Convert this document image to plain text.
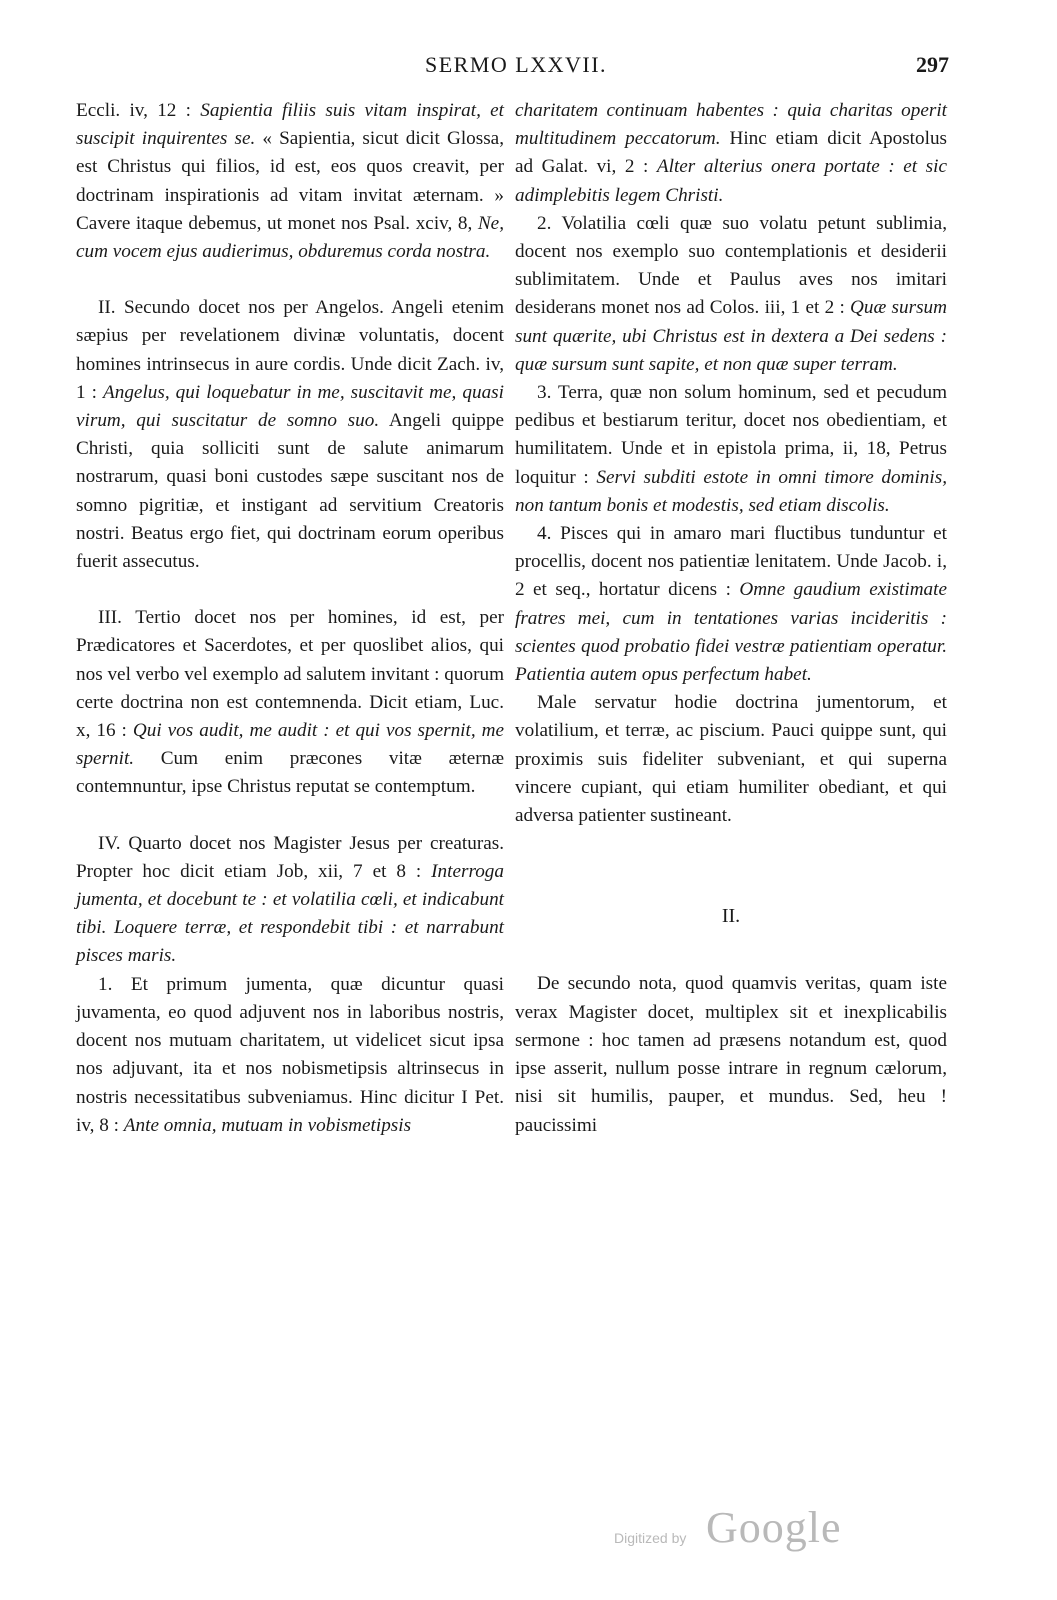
SERMO LXXVII.	297

Eccli. iv, 12 : Sapientia filiis suis vitam inspirat, et suscipit inquirentes se. « Sapientia, sicut dicit Glossa, est Christus qui filios, id est, eos quos creavit, per doctrinam inspirationis ad vitam invitat æternam. » Cavere itaque debemus, ut monet nos Psal. xciv, 8, Ne, cum vocem ejus audierimus, obduremus corda nostra.

II. Secundo docet nos per Angelos. Angeli etenim sæpius per revelationem divinæ voluntatis, docent homines intrinsecus in aure cordis. Unde dicit Zach. iv, 1 : Angelus, qui loquebatur in me, suscitavit me, quasi virum, qui suscitatur de somno suo. Angeli quippe Christi, quia solliciti sunt de salute animarum nostrarum, quasi boni custodes sæpe suscitant nos de somno pigritiæ, et instigant ad servitium Creatoris nostri. Beatus ergo fiet, qui doctrinam eorum operibus fuerit assecutus.

III. Tertio docet nos per homines, id est, per Prædicatores et Sacerdotes, et per quoslibet alios, qui nos vel verbo vel exemplo ad salutem invitant : quorum certe doctrina non est contemnenda. Dicit etiam, Luc. x, 16 : Qui vos audit, me audit : et qui vos spernit, me spernit. Cum enim præcones vitæ æternæ contemnuntur, ipse Christus reputat se contemptum.

IV. Quarto docet nos Magister Jesus per creaturas. Propter hoc dicit etiam Job, xii, 7 et 8 : Interroga jumenta, et docebunt te : et volatilia cœli, et indicabunt tibi. Loquere terræ, et respondebit tibi : et narrabunt pisces maris.

1. Et primum jumenta, quæ dicuntur quasi juvamenta, eo quod adjuvent nos in laboribus nostris, docent nos mutuam charitatem, ut videlicet sicut ipsa nos adjuvant, ita et nos nobismetipsis altrinsecus in nostris necessitatibus subveniamus. Hinc dicitur I Pet. iv, 8 : Ante omnia, mutuam in vobismetipsis

charitatem continuam habentes : quia charitas operit multitudinem peccatorum. Hinc etiam dicit Apostolus ad Galat. vi, 2 : Alter alterius onera portate : et sic adimplebitis legem Christi.

2. Volatilia cœli quæ suo volatu petunt sublimia, docent nos exemplo suo contemplationis et desiderii sublimitatem. Unde et Paulus aves nos imitari desiderans monet nos ad Colos. iii, 1 et 2 : Quæ sursum sunt quærite, ubi Christus est in dextera a Dei sedens : quæ sursum sunt sapite, et non quæ super terram.

3. Terra, quæ non solum hominum, sed et pecudum pedibus et bestiarum teritur, docet nos obedientiam, et humilitatem. Unde et in epistola prima, ii, 18, Petrus loquitur : Servi subditi estote in omni timore dominis, non tantum bonis et modestis, sed etiam discolis.

4. Pisces qui in amaro mari fluctibus tunduntur et procellis, docent nos patientiæ lenitatem. Unde Jacob. i, 2 et seq., hortatur dicens : Omne gaudium existimate fratres mei, cum in tentationes varias incideritis : scientes quod probatio fidei vestræ patientiam operatur. Patientia autem opus perfectum habet.

Male servatur hodie doctrina jumentorum, et volatilium, et terræ, ac piscium. Pauci quippe sunt, qui proximis suis fideliter subveniant, et qui superna vincere cupiant, qui etiam humiliter obediant, et qui adversa patienter sustineant.

II.

De secundo nota, quod quamvis veritas, quam iste verax Magister docet, multiplex sit et inexplicabilis sermone : hoc tamen ad præsens notandum est, quod ipse asserit, nullum posse intrare in regnum cælorum, nisi sit humilis, pauper, et mundus. Sed, heu ! paucissimi

Digitized by Google
